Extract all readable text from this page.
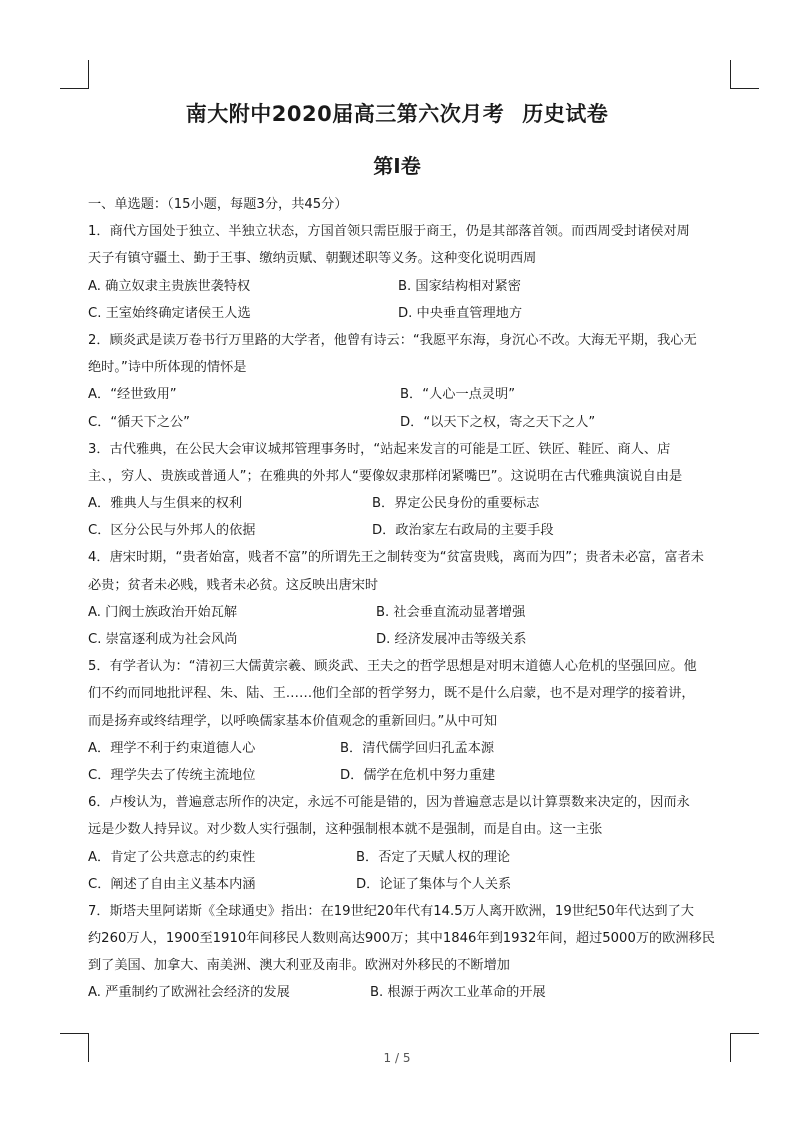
南大附中2020届高三第六次月考 历史试卷
第Ⅰ卷
一、单选题：（15小题，每题3分，共45分）
1．商代方国处于独立、半独立状态，方国首领只需臣服于商王，仍是其部落首领。而西周受封诸侯对周
天子有镇守疆土、勤于王事、缴纳贡赋、朝觐述职等义务。这种变化说明西周
A. 确立奴隶主贵族世袭特权	B. 国家结构相对紧密
C. 王室始终确定诸侯王人选	D. 中央垂直管理地方
2．顾炎武是读万卷书行万里路的大学者，他曾有诗云：“我愿平东海，身沉心不改。大海无平期，我心无
绝时。”诗中所体现的情怀是
A．“经世致用”	B．“人心一点灵明”
C．“循天下之公”	D．“以天下之权，寄之天下之人”
3．古代雅典，在公民大会审议城邦管理事务时，“站起来发言的可能是工匠、铁匠、鞋匠、商人、店
主、，穷人、贵族或普通人”；在雅典的外邦人“要像奴隶那样闭紧嘴巴”。这说明在古代雅典演说自由是
A．雅典人与生俱来的权利	B．界定公民身份的重要标志
C．区分公民与外邦人的依据	D．政治家左右政局的主要手段
4．唐宋时期，“贵者始富，贱者不富”的所谓先王之制转变为“贫富贵贱，离而为四”；贵者未必富，富者未
必贵；贫者未必贱，贱者未必贫。这反映出唐宋时
A. 门阀士族政治开始瓦解	B. 社会垂直流动显著增强
C. 崇富逐利成为社会风尚	D. 经济发展冲击等级关系
5．有学者认为：“清初三大儒黄宗羲、顾炎武、王夫之的哲学思想是对明末道德人心危机的坚强回应。他
们不约而同地批评程、朱、陆、王……他们全部的哲学努力，既不是什么启蒙，也不是对理学的接着讲，
而是扬弃或终结理学，以呼唤儒家基本价值观念的重新回归。”从中可知
A．理学不利于约束道德人心	B．清代儒学回归孔孟本源
C．理学失去了传统主流地位	D．儒学在危机中努力重建
6．卢梭认为，普遍意志所作的决定，永远不可能是错的，因为普遍意志是以计算票数来决定的，因而永
远是少数人持异议。对少数人实行强制，这种强制根本就不是强制，而是自由。这一主张
A．肯定了公共意志的约束性	B．否定了天赋人权的理论
C．阐述了自由主义基本内涵	D．论证了集体与个人关系
7．斯塔夫里阿诺斯《全球通史》指出：在19世纪20年代有14.5万人离开欧洲，19世纪50年代达到了大
约260万人，1900至1910年间移民人数则高达900万；其中1846年到1932年间，超过5000万的欧洲移民
到了美国、加拿大、南美洲、澳大利亚及南非。欧洲对外移民的不断增加
A. 严重制约了欧洲社会经济的发展	B. 根源于两次工业革命的开展
1 / 5
